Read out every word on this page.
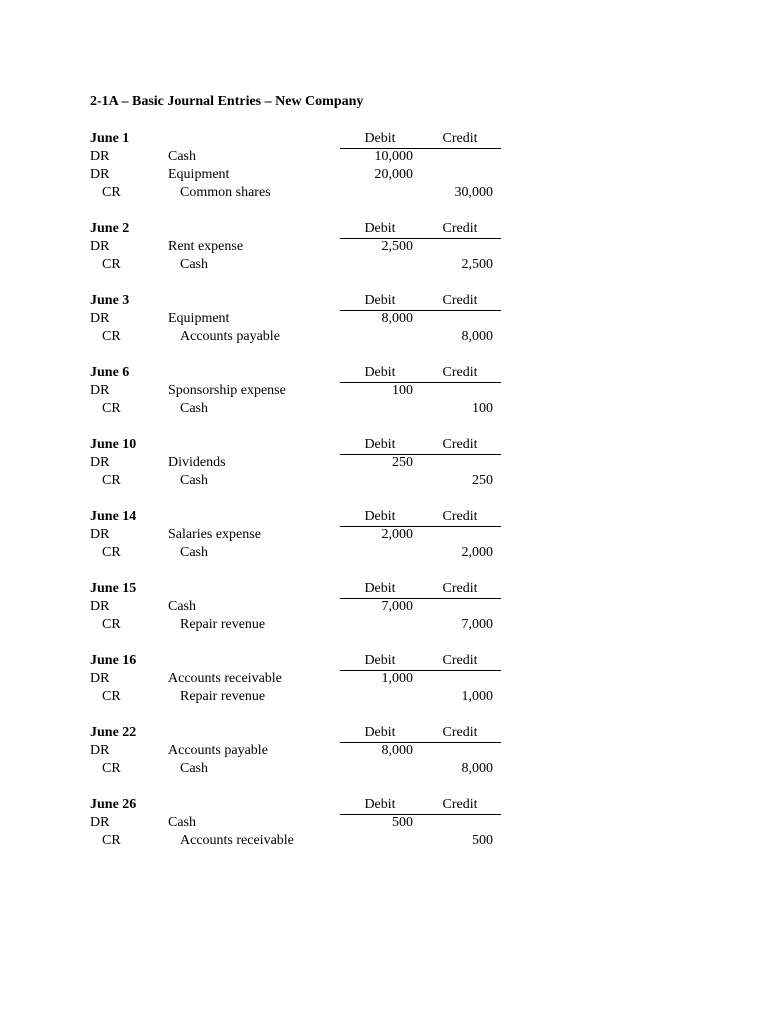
2-1A – Basic Journal Entries – New Company
June 1	Debit	Credit
DR	Cash	10,000
DR	Equipment	20,000
CR	Common shares	30,000
June 2	Debit	Credit
DR	Rent expense	2,500
CR	Cash	2,500
June 3	Debit	Credit
DR	Equipment	8,000
CR	Accounts payable	8,000
June 6	Debit	Credit
DR	Sponsorship expense	100
CR	Cash	100
June 10	Debit	Credit
DR	Dividends	250
CR	Cash	250
June 14	Debit	Credit
DR	Salaries expense	2,000
CR	Cash	2,000
June 15	Debit	Credit
DR	Cash	7,000
CR	Repair revenue	7,000
June 16	Debit	Credit
DR	Accounts receivable	1,000
CR	Repair revenue	1,000
June 22	Debit	Credit
DR	Accounts payable	8,000
CR	Cash	8,000
June 26	Debit	Credit
DR	Cash	500
CR	Accounts receivable	500
